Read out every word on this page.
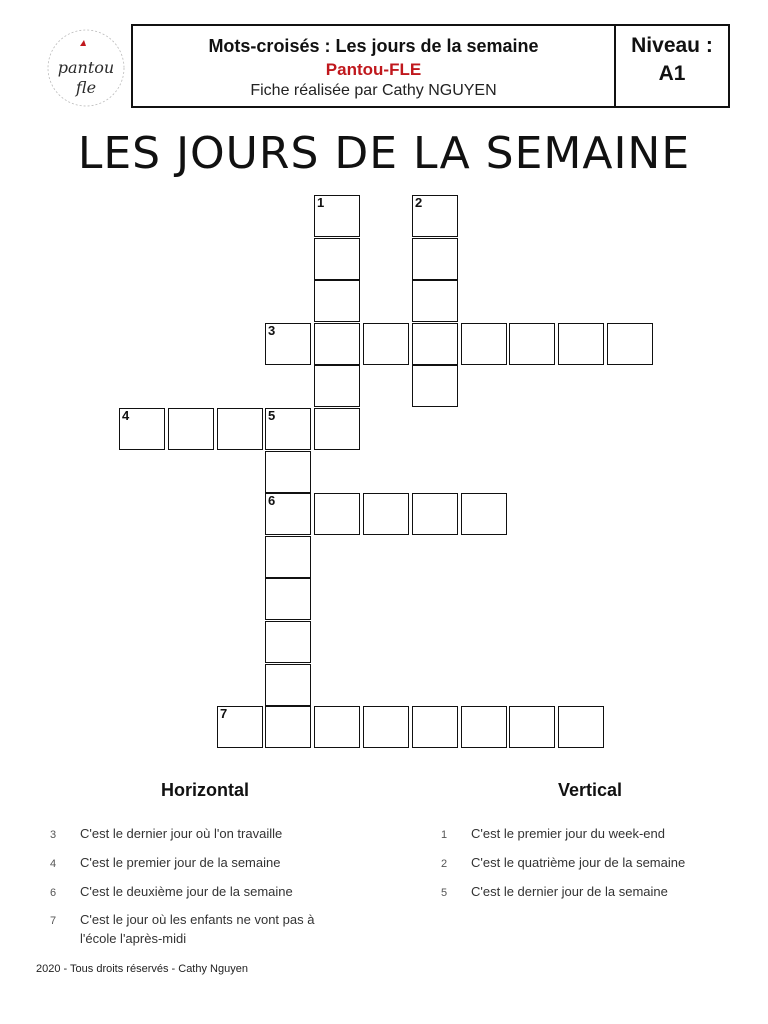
pantou
fle
Mots-croisés : Les jours de la semaine
Pantou-FLE
Fiche réalisée par Cathy NGUYEN
Niveau :
A1
LES JOURS DE LA SEMAINE
1	2
3
4	5
6
7
Horizontal
3	C'est le dernier jour où l'on travaille
4	C'est le premier jour de la semaine
6	C'est le deuxième jour de la semaine
7	C'est le jour où les enfants ne vont pas à l'école l'après-midi
Vertical
1	C'est le premier jour du week-end
2	C'est le quatrième jour de la semaine
5	C'est le dernier jour de la semaine
2020 - Tous droits réservés - Cathy Nguyen
